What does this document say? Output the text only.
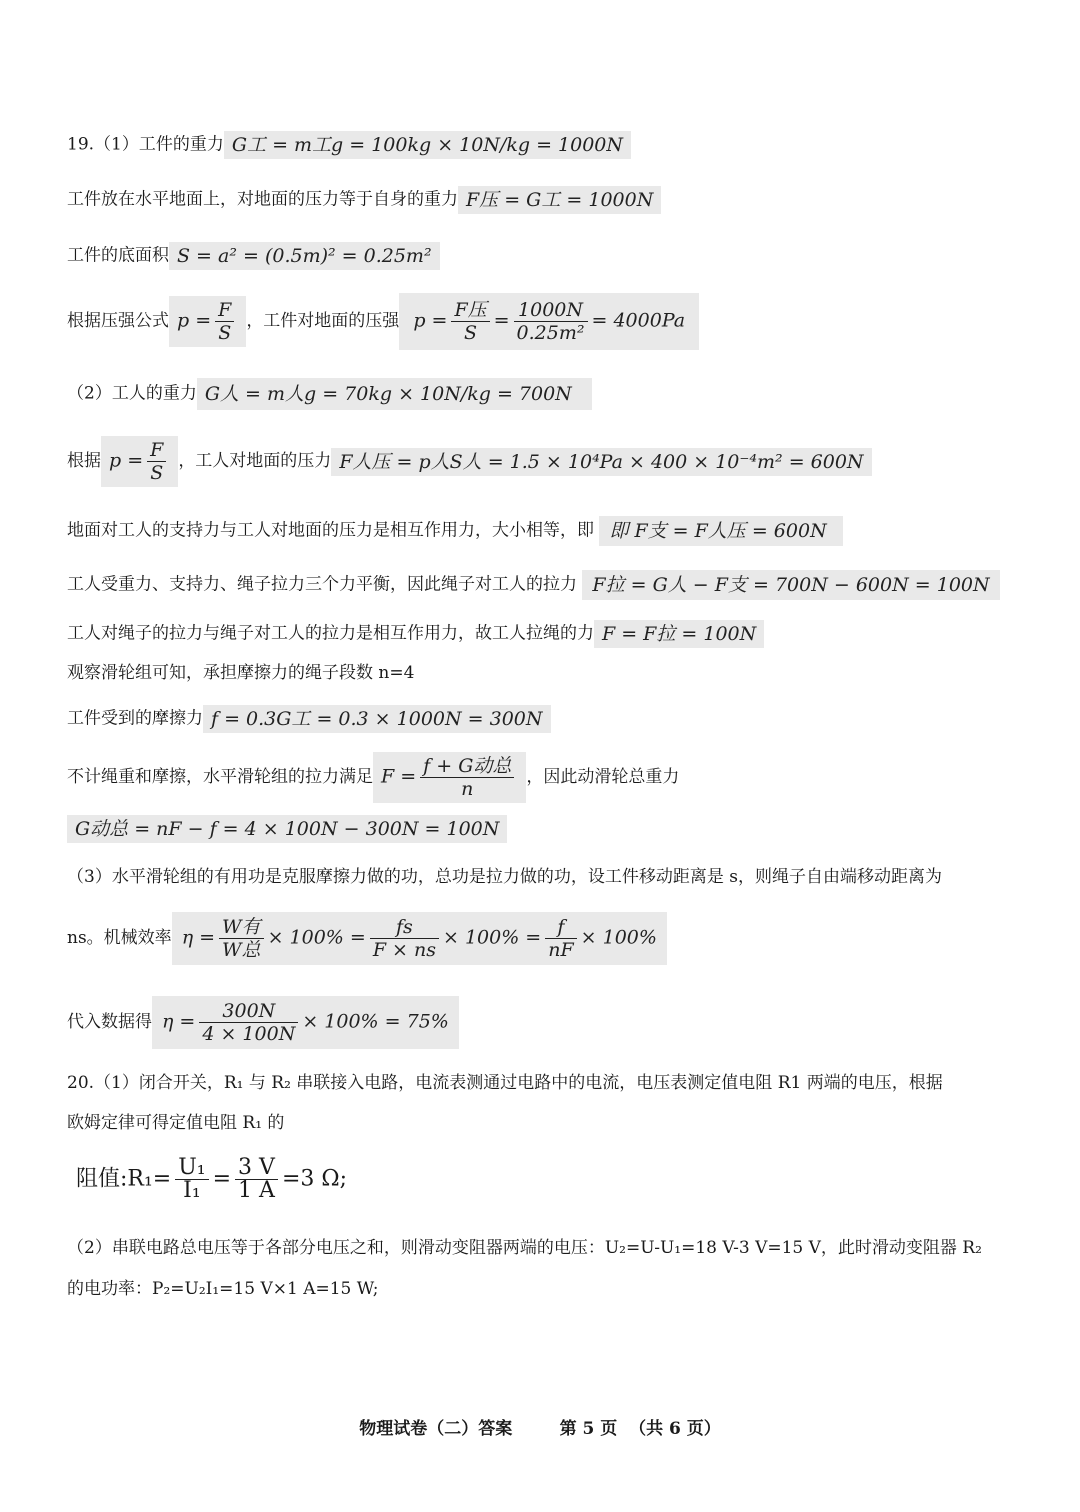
19.（1）工件的重力 G工 = m工g = 100kg × 10N/kg = 1000N
工件放在水平地面上，对地面的压力等于自身的重力 F压 = G工 = 1000N
工件的底面积 S = a² = (0.5m)² = 0.25m²
根据压强公式 $p = \frac{F}{S}$ ，工件对地面的压强 $p = \frac{\text{F压}}{S} = \frac{1000N}{\text{0.25m²}} = 4000Pa$
（2）工人的重力 G人 = m人g = 70kg × 10N/kg = 700N
根据 $p = \frac{F}{S}$ ，工人对地面的压力 F人压 = p人S人 = 1.5 × 10⁴Pa × 400 × 10⁻⁴m² = 600N
地面对工人的支持力与工人对地面的压力是相互作用力，大小相等，即 即 F支 = F人压 = 600N
工人受重力、支持力、绳子拉力三个力平衡，因此绳子对工人的拉力 F拉 = G人 − F支 = 700N − 600N = 100N
工人对绳子的拉力与绳子对工人的拉力是相互作用力，故工人拉绳的力 F = F拉 = 100N
观察滑轮组可知，承担摩擦力的绳子段数 n=4
工件受到的摩擦力 f = 0.3G工 = 0.3 × 1000N = 300N
不计绳重和摩擦，水平滑轮组的拉力满足 $F = \frac{\text{f + G动总}}{n}$ ，因此动滑轮总重力
G动总 = nF − f = 4 × 100N − 300N = 100N
（3）水平滑轮组的有用功是克服摩擦力做的功，总功是拉力做的功，设工件移动距离是 s，则绳子自由端移动距离为
ns。机械效率 $\eta = \frac{\text{W有}}{\text{W总}} \times 100\% = \frac{fs}{F \times ns} \times 100\% = \frac{f}{nF} \times 100\%$
代入数据得 $\eta = \frac{300N}{4 \times 100N} \times 100\% = 75\%$
20.（1）闭合开关，R₁ 与 R₂ 串联接入电路，电流表测通过电路中的电流，电压表测定值电阻 R1 两端的电压，根据
欧姆定律可得定值电阻 R₁ 的
阻值:R₁= $\frac{\text{U₁}}{\text{I₁}} = \frac{3 V}{1 A} =3$ Ω;
（2）串联电路总电压等于各部分电压之和，则滑动变阻器两端的电压：U₂=U-U₁=18 V-3 V=15 V，此时滑动变阻器 R₂
的电功率：P₂=U₂I₁=15 V×1 A=15 W;
物理试卷（二）答案        第 5 页  （共 6 页）
